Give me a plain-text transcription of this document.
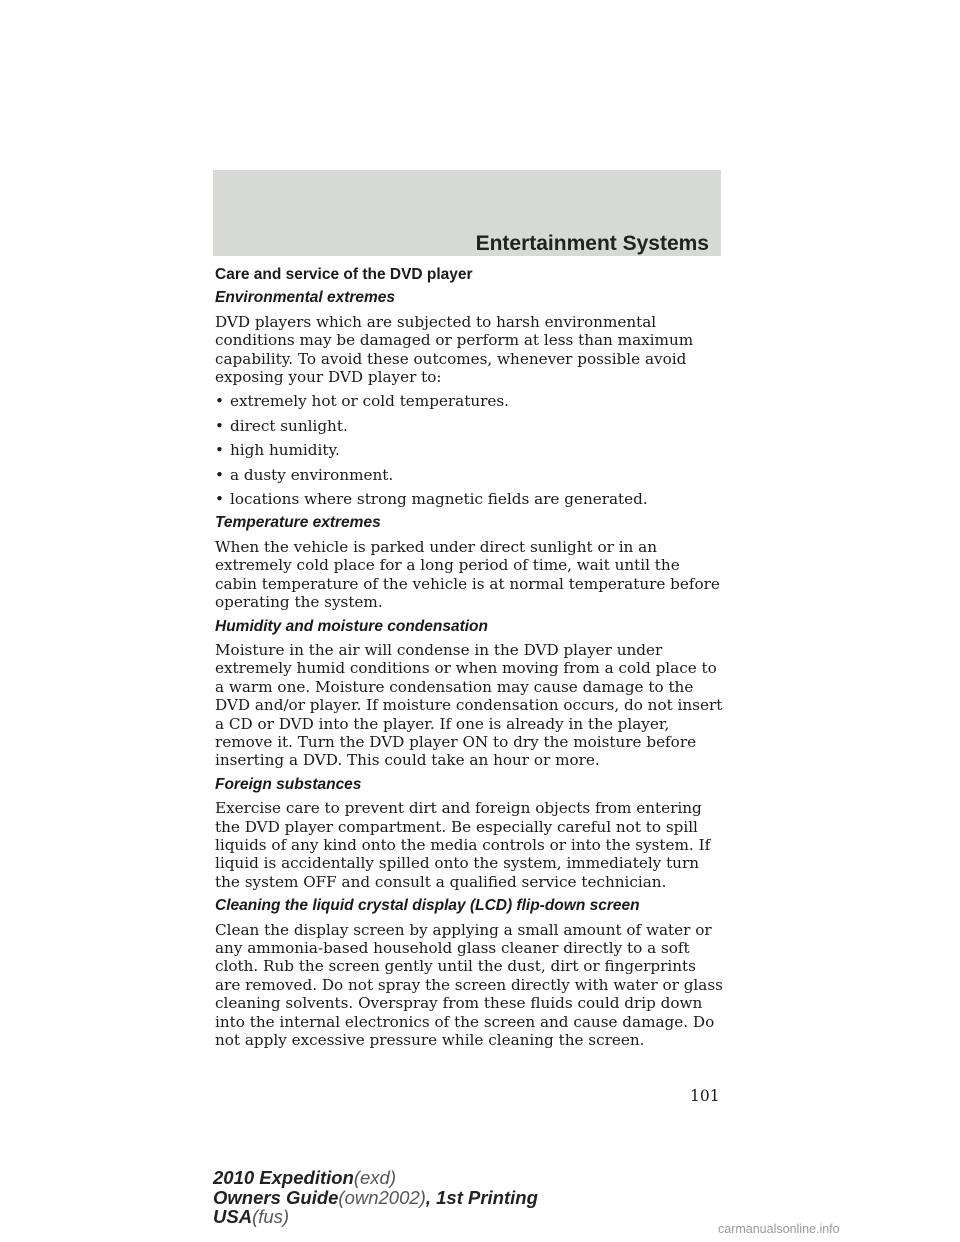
Entertainment Systems
Care and service of the DVD player
Environmental extremes

DVD players which are subjected to harsh environmental conditions may be damaged or perform at less than maximum capability. To avoid these outcomes, whenever possible avoid exposing your DVD player to:

• extremely hot or cold temperatures.
• direct sunlight.
• high humidity.
• a dusty environment.
• locations where strong magnetic fields are generated.
Temperature extremes

When the vehicle is parked under direct sunlight or in an extremely cold place for a long period of time, wait until the cabin temperature of the vehicle is at normal temperature before operating the system.

Humidity and moisture condensation

Moisture in the air will condense in the DVD player under extremely humid conditions or when moving from a cold place to a warm one. Moisture condensation may cause damage to the DVD and/or player. If moisture condensation occurs, do not insert a CD or DVD into the player. If one is already in the player, remove it. Turn the DVD player ON to dry the moisture before inserting a DVD. This could take an hour or more.

Foreign substances

Exercise care to prevent dirt and foreign objects from entering the DVD player compartment. Be especially careful not to spill liquids of any kind onto the media controls or into the system. If liquid is accidentally spilled onto the system, immediately turn the system OFF and consult a qualified service technician.

Cleaning the liquid crystal display (LCD) flip-down screen

Clean the display screen by applying a small amount of water or any ammonia-based household glass cleaner directly to a soft cloth. Rub the screen gently until the dust, dirt or fingerprints are removed. Do not spray the screen directly with water or glass cleaning solvents. Overspray from these fluids could drip down into the internal electronics of the screen and cause damage. Do not apply excessive pressure while cleaning the screen.

101
2010 Expedition(exd)
Owners Guide(own2002), 1st Printing
USA(fus)
carmanualsonline.info
